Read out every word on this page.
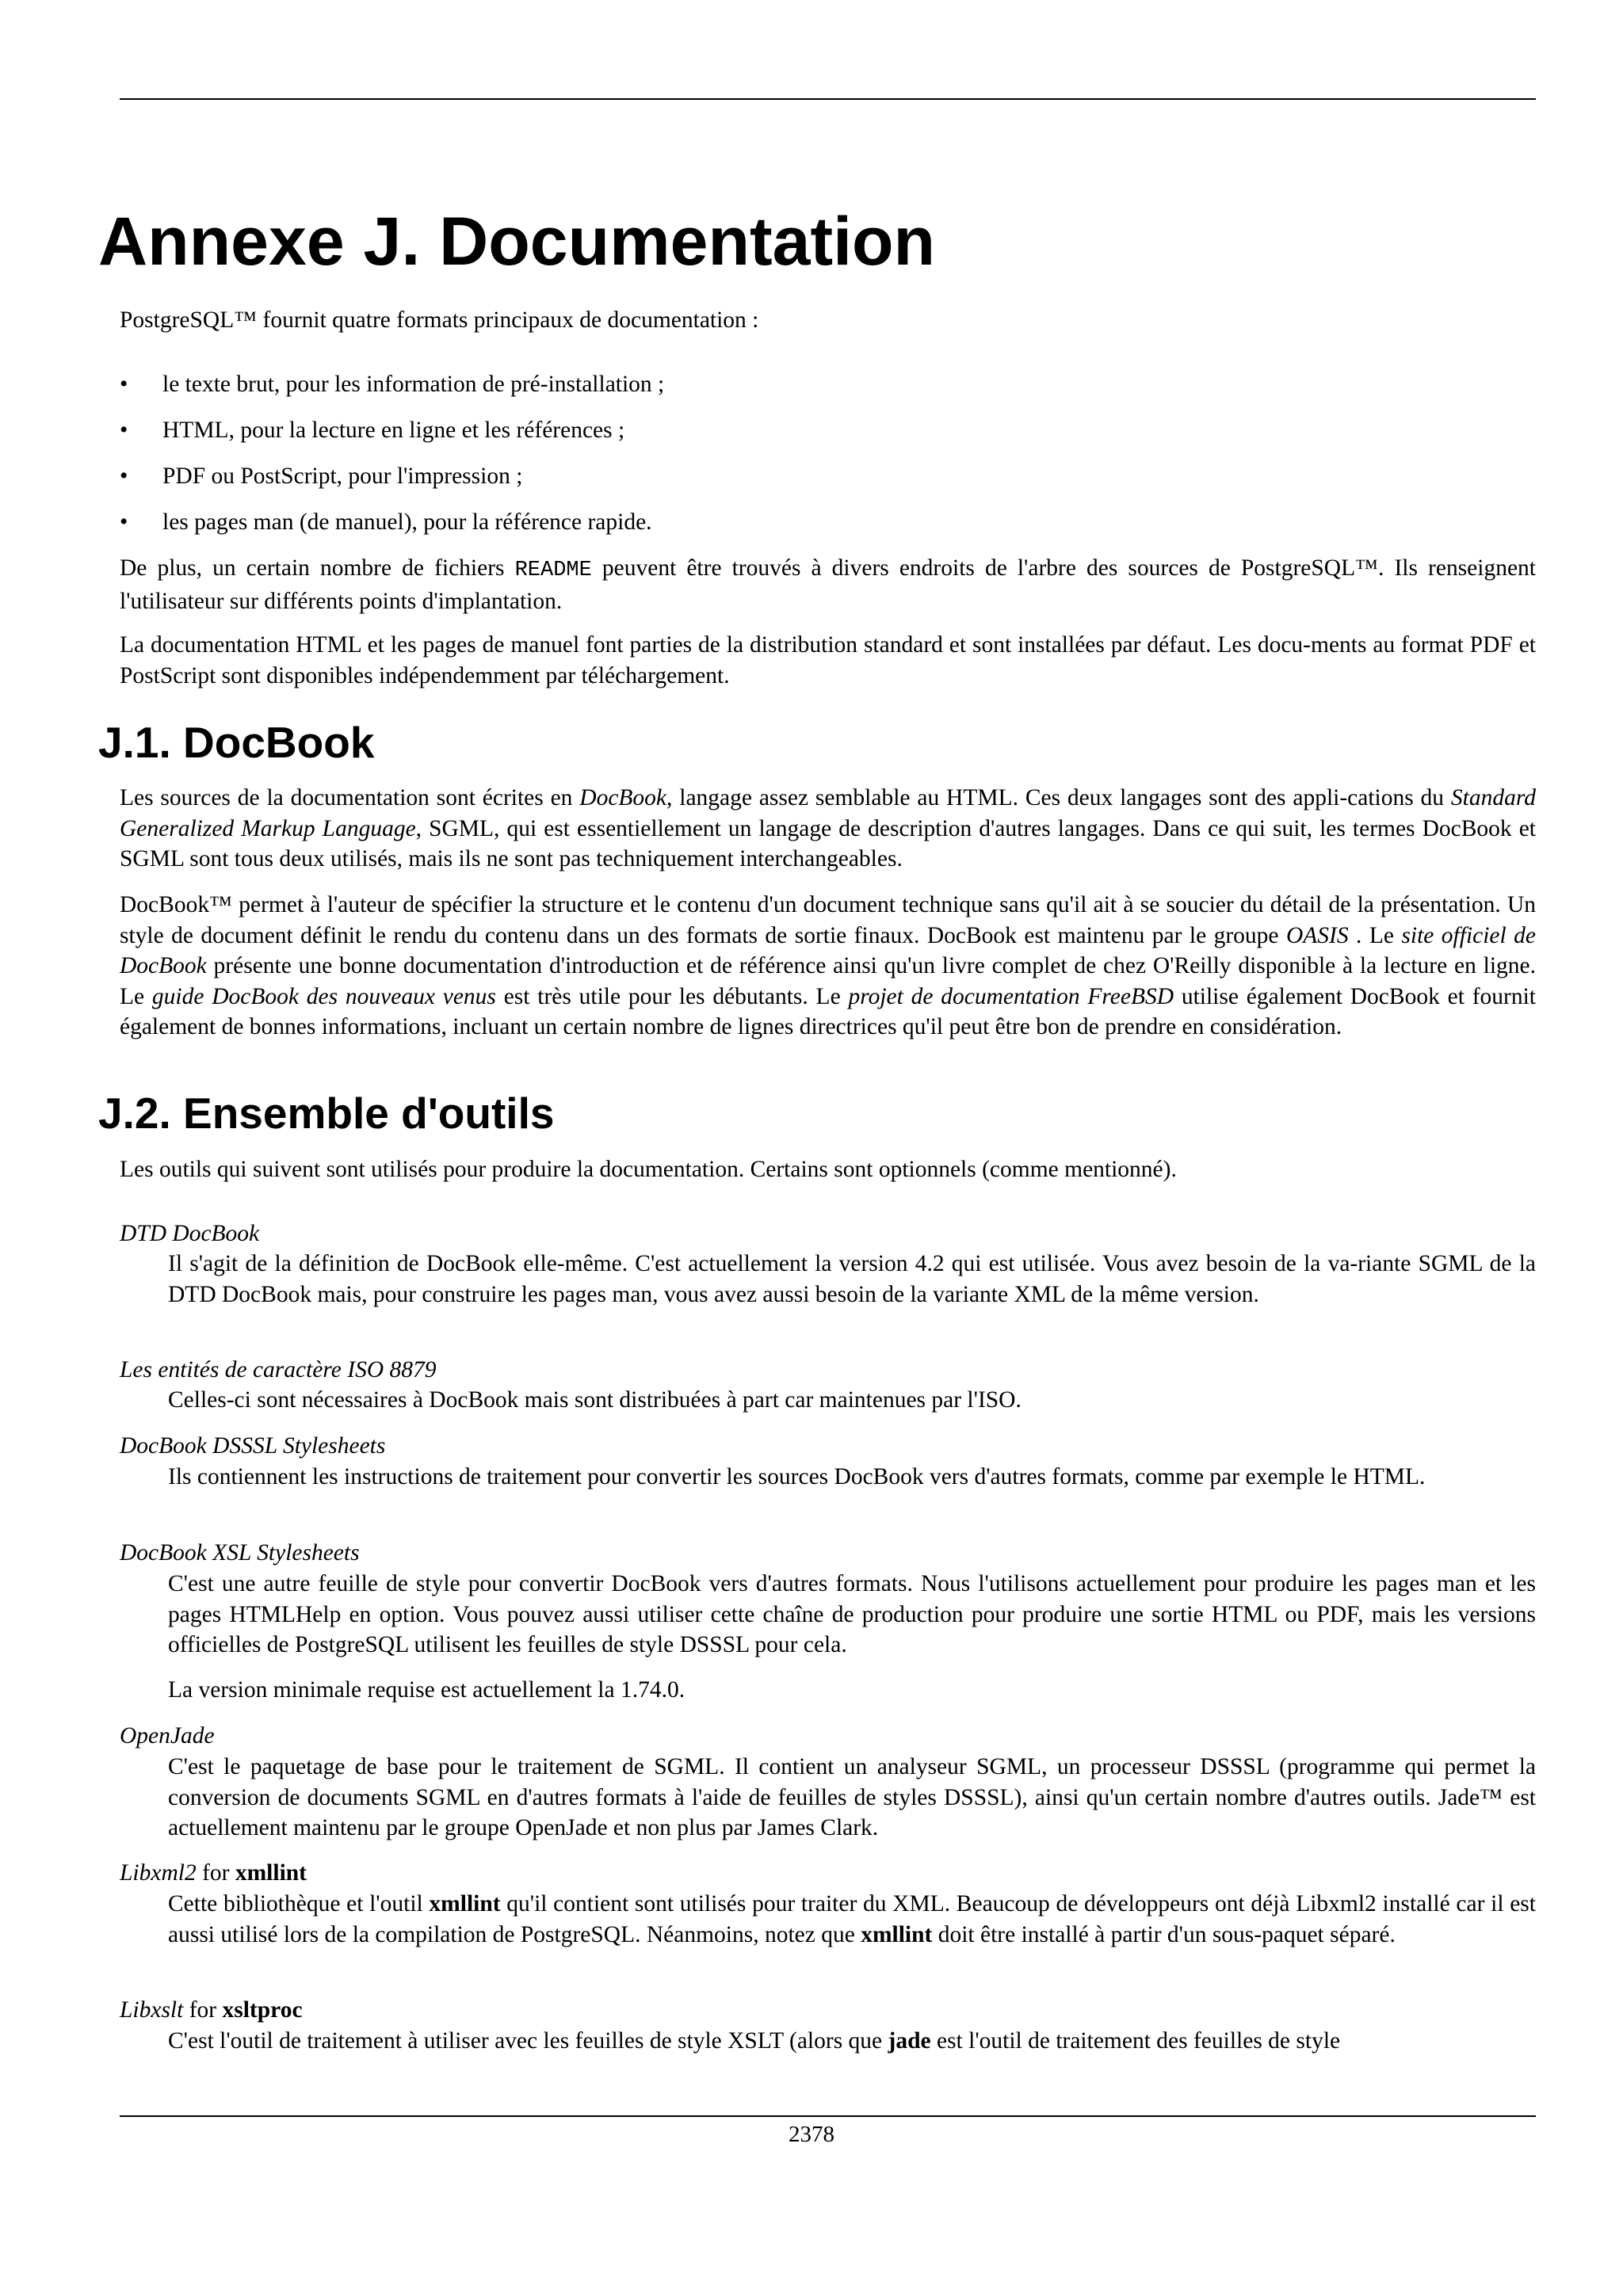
Annexe J. Documentation

PostgreSQL™ fournit quatre formats principaux de documentation :

• le texte brut, pour les information de pré-installation ;
• HTML, pour la lecture en ligne et les références ;
• PDF ou PostScript, pour l'impression ;
• les pages man (de manuel), pour la référence rapide.

De plus, un certain nombre de fichiers README peuvent être trouvés à divers endroits de l'arbre des sources de PostgreSQL™. Ils renseignent l'utilisateur sur différents points d'implantation.

La documentation HTML et les pages de manuel font parties de la distribution standard et sont installées par défaut. Les docu-ments au format PDF et PostScript sont disponibles indépendemment par téléchargement.

J.1. DocBook

Les sources de la documentation sont écrites en DocBook, langage assez semblable au HTML. Ces deux langages sont des appli-cations du Standard Generalized Markup Language, SGML, qui est essentiellement un langage de description d'autres langages. Dans ce qui suit, les termes DocBook et SGML sont tous deux utilisés, mais ils ne sont pas techniquement interchangeables.

DocBook™ permet à l'auteur de spécifier la structure et le contenu d'un document technique sans qu'il ait à se soucier du détail de la présentation. Un style de document définit le rendu du contenu dans un des formats de sortie finaux. DocBook est maintenu par le groupe OASIS . Le site officiel de DocBook présente une bonne documentation d'introduction et de référence ainsi qu'un livre complet de chez O'Reilly disponible à la lecture en ligne. Le guide DocBook des nouveaux venus est très utile pour les débutants. Le projet de documentation FreeBSD utilise également DocBook et fournit également de bonnes informations, incluant un certain nombre de lignes directrices qu'il peut être bon de prendre en considération.

J.2. Ensemble d'outils

Les outils qui suivent sont utilisés pour produire la documentation. Certains sont optionnels (comme mentionné).

DTD DocBook

Il s'agit de la définition de DocBook elle-même. C'est actuellement la version 4.2 qui est utilisée. Vous avez besoin de la va-riante SGML de la DTD DocBook mais, pour construire les pages man, vous avez aussi besoin de la variante XML de la même version.

Les entités de caractère ISO 8879

Celles-ci sont nécessaires à DocBook mais sont distribuées à part car maintenues par l'ISO.

DocBook DSSSL Stylesheets

Ils contiennent les instructions de traitement pour convertir les sources DocBook vers d'autres formats, comme par exemple le HTML.

DocBook XSL Stylesheets

C'est une autre feuille de style pour convertir DocBook vers d'autres formats. Nous l'utilisons actuellement pour produire les pages man et les pages HTMLHelp en option. Vous pouvez aussi utiliser cette chaîne de production pour produire une sortie HTML ou PDF, mais les versions officielles de PostgreSQL utilisent les feuilles de style DSSSL pour cela.

La version minimale requise est actuellement la 1.74.0.

OpenJade

C'est le paquetage de base pour le traitement de SGML. Il contient un analyseur SGML, un processeur DSSSL (programme qui permet la conversion de documents SGML en d'autres formats à l'aide de feuilles de styles DSSSL), ainsi qu'un certain nombre d'autres outils. Jade™ est actuellement maintenu par le groupe OpenJade et non plus par James Clark.

Libxml2 for xmllint

Cette bibliothèque et l'outil xmllint qu'il contient sont utilisés pour traiter du XML. Beaucoup de développeurs ont déjà Libxml2 installé car il est aussi utilisé lors de la compilation de PostgreSQL. Néanmoins, notez que xmllint doit être installé à partir d'un sous-paquet séparé.

Libxslt for xsltproc

C'est l'outil de traitement à utiliser avec les feuilles de style XSLT (alors que jade est l'outil de traitement des feuilles de style

2378
